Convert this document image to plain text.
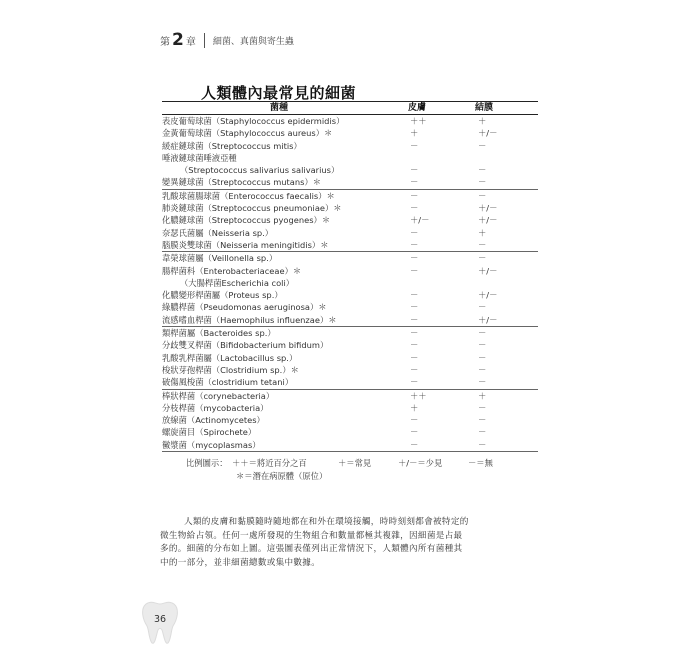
第 2 章 細菌、真菌與寄生蟲
人類體內最常見的細菌
菌種	皮膚	結膜
表皮葡萄球菌（Staphylococcus epidermidis）	＋＋	＋
金黃葡萄球菌（Staphylococcus aureus）＊	＋	＋/－
緩症鏈球菌（Streptococcus mitis）	－	－
唾液鏈球菌唾液亞種
（Streptococcus salivarius salivarius）	－	－
變異鏈球菌（Streptococcus mutans）＊	－	－
乳酸球菌腸球菌（Enterococcus faecalis）＊	－	－
肺炎鏈球菌（Streptococcus pneumoniae）＊	－	＋/－
化膿鏈球菌（Streptococcus pyogenes）＊	＋/－	＋/－
奈瑟氏菌屬（Neisseria sp.）	－	＋
腦膜炎雙球菌（Neisseria meningitidis）＊	－	－
韋榮球菌屬（Veillonella sp.）	－	－
腸桿菌科（Enterobacteriaceae）＊	－	＋/－
（大腸桿菌Escherichia coli）
化膿變形桿菌屬（Proteus sp.）	－	＋/－
綠膿桿菌（Pseudomonas aeruginosa）＊	－	－
流感嗜血桿菌（Haemophilus influenzae）＊	－	＋/－
類桿菌屬（Bacteroides sp.）	－	－
分歧雙叉桿菌（Bifidobacterium bifidum）	－	－
乳酸乳桿菌屬（Lactobacillus sp.）	－	－
梭狀芽孢桿菌（Clostridium sp.）＊	－	－
破傷風梭菌（clostridium tetani）	－	－
棒狀桿菌（corynebacteria）	＋＋	＋
分枝桿菌（mycobacteria）	＋	－
放線菌（Actinomycetes）	－	－
螺旋菌目（Spirochete）	－	－
黴漿菌（mycoplasmas）	－	－
比例圖示： ＋＋＝將近百分之百	＋＝常見	＋/－＝少見	－＝無
＊＝潛在病原體（原位）
人類的皮膚和黏膜隨時隨地都在和外在環境接觸，時時刻刻都會被特定的
微生物給占領。任何一處所發現的生物組合和數量都極其複雜，因細菌是占最
多的。細菌的分布如上圖。這張圖表僅列出正常情況下，人類體內所有菌種其
中的一部分，並非細菌總數或集中數據。
36
